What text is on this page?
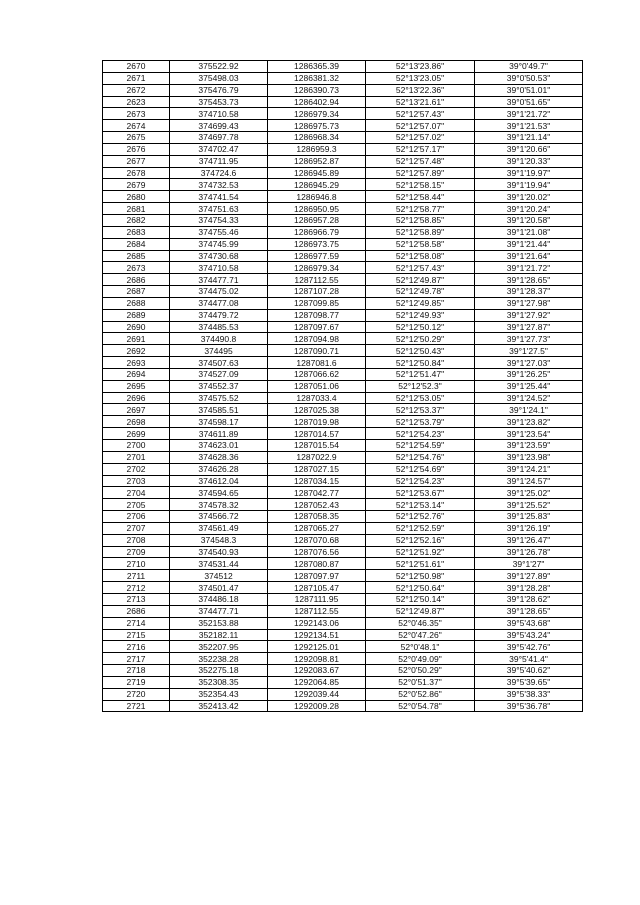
2670	375522.92	1286365.39	52°13'23.86"	39°0'49.7"
2671	375498.03	1286381.32	52°13'23.05"	39°0'50.53"
2672	375476.79	1286390.73	52°13'22.36"	39°0'51.01"
2623	375453.73	1286402.94	52°13'21.61"	39°0'51.65"
2673	374710.58	1286979.34	52°12'57.43"	39°1'21.72"
2674	374699.43	1286975.73	52°12'57.07"	39°1'21.53"
2675	374697.78	1286968.34	52°12'57.02"	39°1'21.14"
2676	374702.47	1286959.3	52°12'57.17"	39°1'20.66"
2677	374711.95	1286952.87	52°12'57.48"	39°1'20.33"
2678	374724.6	1286945.89	52°12'57.89"	39°1'19.97"
2679	374732.53	1286945.29	52°12'58.15"	39°1'19.94"
2680	374741.54	1286946.8	52°12'58.44"	39°1'20.02"
2681	374751.63	1286950.95	52°12'58.77"	39°1'20.24"
2682	374754.33	1286957.28	52°12'58.85"	39°1'20.58"
2683	374755.46	1286966.79	52°12'58.89"	39°1'21.08"
2684	374745.99	1286973.75	52°12'58.58"	39°1'21.44"
2685	374730.68	1286977.59	52°12'58.08"	39°1'21.64"
2673	374710.58	1286979.34	52°12'57.43"	39°1'21.72"
2686	374477.71	1287112.55	52°12'49.87"	39°1'28.65"
2687	374475.02	1287107.28	52°12'49.78"	39°1'28.37"
2688	374477.08	1287099.85	52°12'49.85"	39°1'27.98"
2689	374479.72	1287098.77	52°12'49.93"	39°1'27.92"
2690	374485.53	1287097.67	52°12'50.12"	39°1'27.87"
2691	374490.8	1287094.98	52°12'50.29"	39°1'27.73"
2692	374495	1287090.71	52°12'50.43"	39°1'27.5"
2693	374507.63	1287081.6	52°12'50.84"	39°1'27.03"
2694	374527.09	1287066.62	52°12'51.47"	39°1'26.25"
2695	374552.37	1287051.06	52°12'52.3"	39°1'25.44"
2696	374575.52	1287033.4	52°12'53.05"	39°1'24.52"
2697	374585.51	1287025.38	52°12'53.37"	39°1'24.1"
2698	374598.17	1287019.98	52°12'53.79"	39°1'23.82"
2699	374611.89	1287014.57	52°12'54.23"	39°1'23.54"
2700	374623.01	1287015.54	52°12'54.59"	39°1'23.59"
2701	374628.36	1287022.9	52°12'54.76"	39°1'23.98"
2702	374626.28	1287027.15	52°12'54.69"	39°1'24.21"
2703	374612.04	1287034.15	52°12'54.23"	39°1'24.57"
2704	374594.65	1287042.77	52°12'53.67"	39°1'25.02"
2705	374578.32	1287052.43	52°12'53.14"	39°1'25.52"
2706	374566.72	1287058.35	52°12'52.76"	39°1'25.83"
2707	374561.49	1287065.27	52°12'52.59"	39°1'26.19"
2708	374548.3	1287070.68	52°12'52.16"	39°1'26.47"
2709	374540.93	1287076.56	52°12'51.92"	39°1'26.78"
2710	374531.44	1287080.87	52°12'51.61"	39°1'27"
2711	374512	1287097.97	52°12'50.98"	39°1'27.89"
2712	374501.47	1287105.47	52°12'50.64"	39°1'28.28"
2713	374486.18	1287111.95	52°12'50.14"	39°1'28.62"
2686	374477.71	1287112.55	52°12'49.87"	39°1'28.65"
2714	352153.88	1292143.06	52°0'46.35"	39°5'43.68"
2715	352182.11	1292134.51	52°0'47.26"	39°5'43.24"
2716	352207.95	1292125.01	52°0'48.1"	39°5'42.76"
2717	352238.28	1292098.81	52°0'49.09"	39°5'41.4"
2718	352275.18	1292083.67	52°0'50.29"	39°5'40.62"
2719	352308.35	1292064.85	52°0'51.37"	39°5'39.65"
2720	352354.43	1292039.44	52°0'52.86"	39°5'38.33"
2721	352413.42	1292009.28	52°0'54.78"	39°5'36.78"
